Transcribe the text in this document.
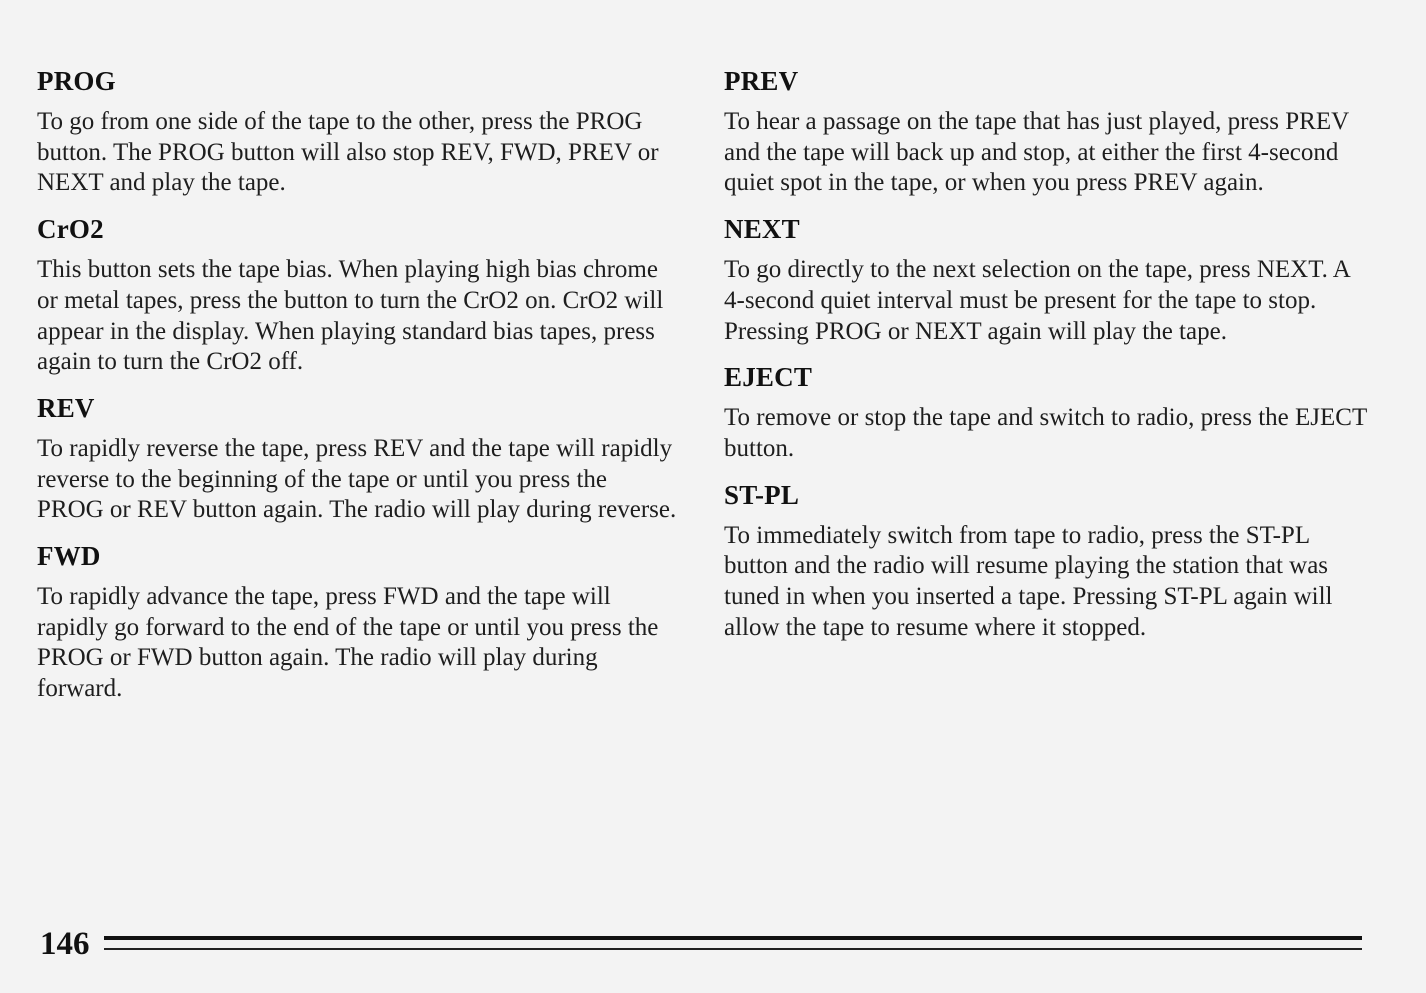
PROG

To go from one side of the tape to the other, press the PROG button. The PROG button will also stop REV, FWD, PREV or NEXT and play the tape.

CrO2

This button sets the tape bias. When playing high bias chrome or metal tapes, press the button to turn the CrO2 on. CrO2 will appear in the display. When playing standard bias tapes, press again to turn the CrO2 off.

REV

To rapidly reverse the tape, press REV and the tape will rapidly reverse to the beginning of the tape or until you press the PROG or REV button again. The radio will play during reverse.

FWD

To rapidly advance the tape, press FWD and the tape will rapidly go forward to the end of the tape or until you press the PROG or FWD button again. The radio will play during forward.

PREV

To hear a passage on the tape that has just played, press PREV and the tape will back up and stop, at either the first 4-second quiet spot in the tape, or when you press PREV again.

NEXT

To go directly to the next selection on the tape, press NEXT. A 4-second quiet interval must be present for the tape to stop. Pressing PROG or NEXT again will play the tape.

EJECT

To remove or stop the tape and switch to radio, press the EJECT button.

ST-PL

To immediately switch from tape to radio, press the ST-PL button and the radio will resume playing the station that was tuned in when you inserted a tape. Pressing ST-PL again will allow the tape to resume where it stopped.

146
